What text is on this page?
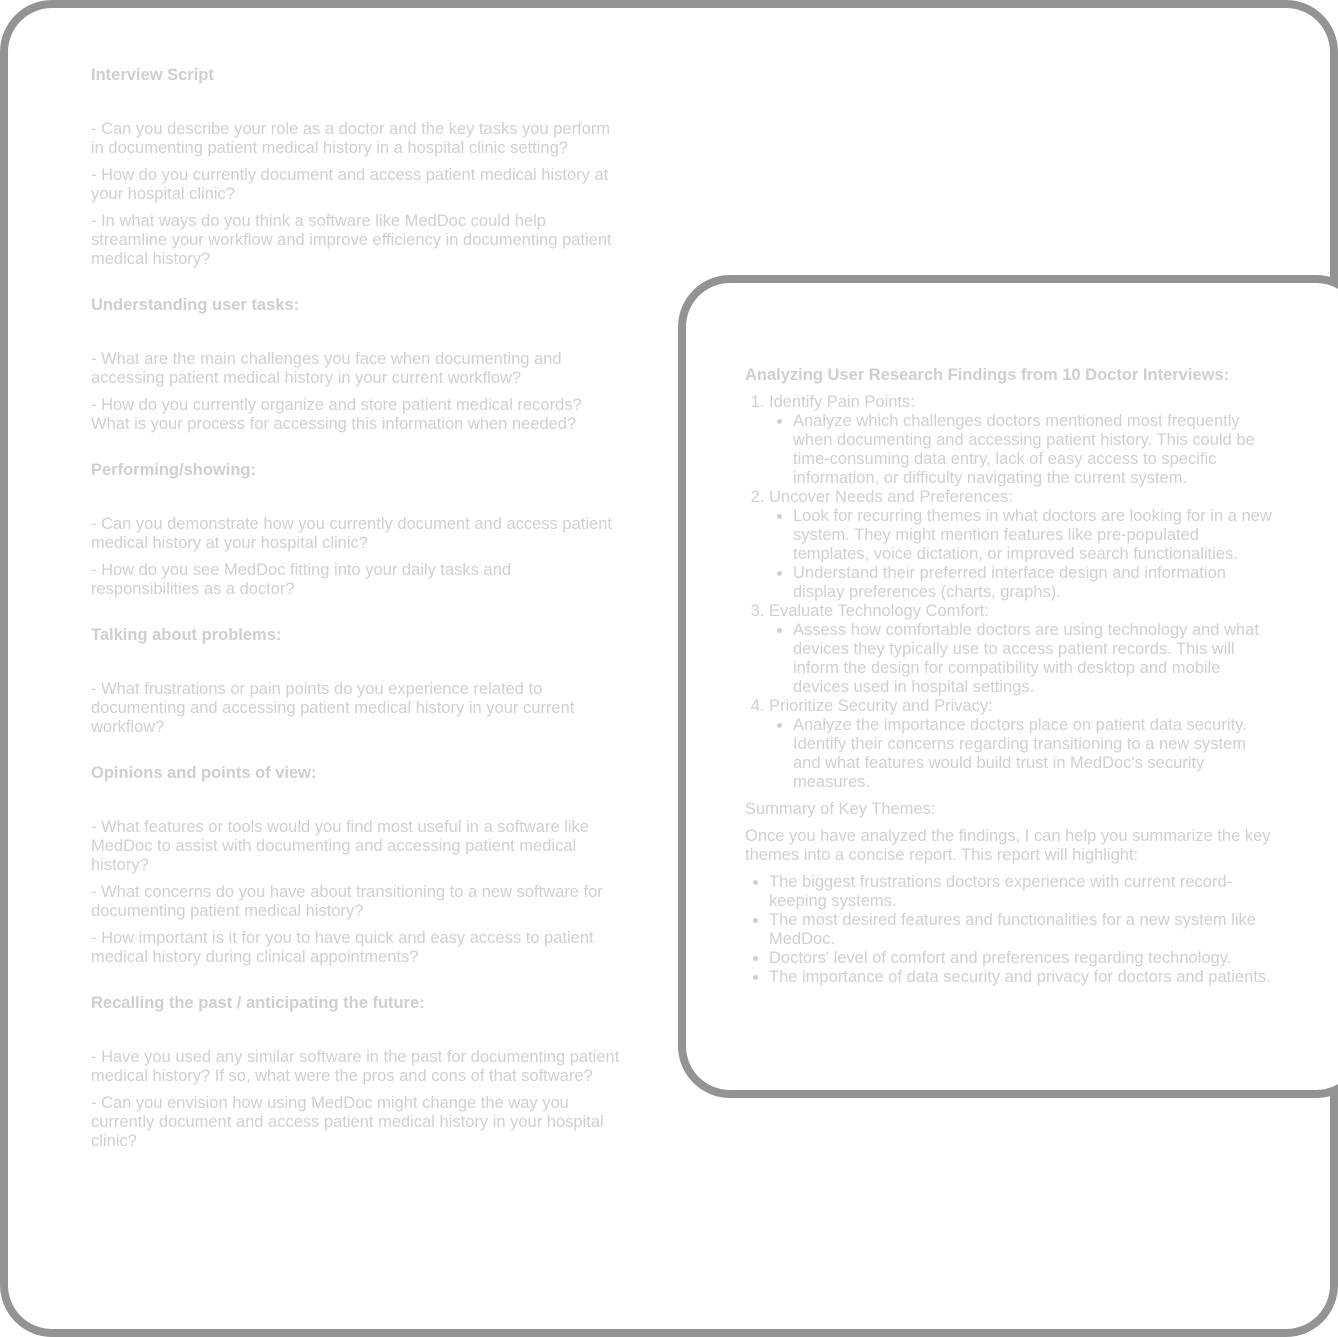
Interview Script
- Can you describe your role as a doctor and the key tasks you perform in documenting patient medical history in a hospital clinic setting?
- How do you currently document and access patient medical history at your hospital clinic?
- In what ways do you think a software like MedDoc could help streamline your workflow and improve efficiency in documenting patient medical history?
Understanding user tasks:
- What are the main challenges you face when documenting and accessing patient medical history in your current workflow?
- How do you currently organize and store patient medical records? What is your process for accessing this information when needed?
Performing/showing:
- Can you demonstrate how you currently document and access patient medical history at your hospital clinic?
- How do you see MedDoc fitting into your daily tasks and responsibilities as a doctor?
Talking about problems:
- What frustrations or pain points do you experience related to documenting and accessing patient medical history in your current workflow?
Opinions and points of view:
- What features or tools would you find most useful in a software like MedDoc to assist with documenting and accessing patient medical history?
- What concerns do you have about transitioning to a new software for documenting patient medical history?
- How important is it for you to have quick and easy access to patient medical history during clinical appointments?
Recalling the past / anticipating the future:
- Have you used any similar software in the past for documenting patient medical history? If so, what were the pros and cons of that software?
- Can you envision how using MedDoc might change the way you currently document and access patient medical history in your hospital clinic?
Analyzing User Research Findings from 10 Doctor Interviews:
1. Identify Pain Points:
• Analyze which challenges doctors mentioned most frequently when documenting and accessing patient history. This could be time-consuming data entry, lack of easy access to specific information, or difficulty navigating the current system.
2. Uncover Needs and Preferences:
• Look for recurring themes in what doctors are looking for in a new system. They might mention features like pre-populated templates, voice dictation, or improved search functionalities.
• Understand their preferred interface design and information display preferences (charts, graphs).
3. Evaluate Technology Comfort:
• Assess how comfortable doctors are using technology and what devices they typically use to access patient records. This will inform the design for compatibility with desktop and mobile devices used in hospital settings.
4. Prioritize Security and Privacy:
• Analyze the importance doctors place on patient data security. Identify their concerns regarding transitioning to a new system and what features would build trust in MedDoc's security measures.
Summary of Key Themes:
Once you have analyzed the findings, I can help you summarize the key themes into a concise report. This report will highlight:
• The biggest frustrations doctors experience with current record-keeping systems.
• The most desired features and functionalities for a new system like MedDoc.
• Doctors' level of comfort and preferences regarding technology.
• The importance of data security and privacy for doctors and patients.
